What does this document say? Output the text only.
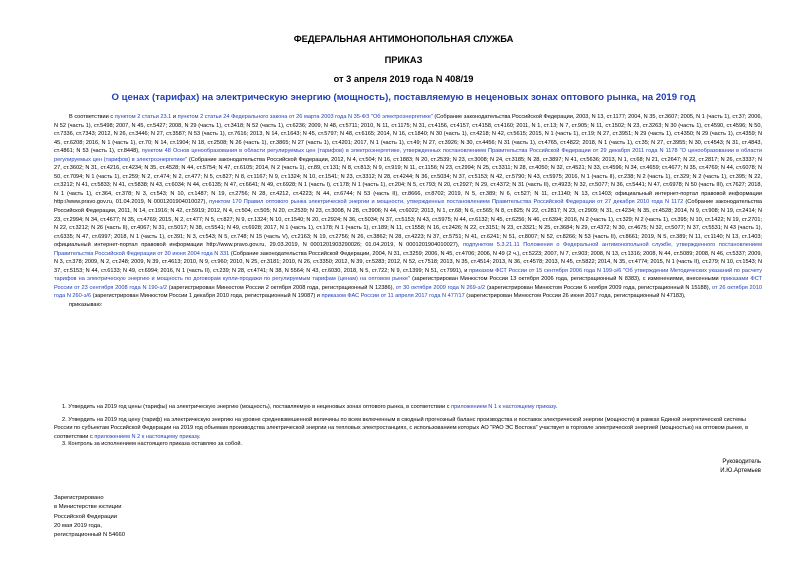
ФЕДЕРАЛЬНАЯ АНТИМОНОПОЛЬНАЯ СЛУЖБА
ПРИКАЗ
от 3 апреля 2019 года N 408/19
О ценах (тарифах) на электрическую энергию (мощность), поставляемую в неценовых зонах оптового рынка, на 2019 год

В соответствии с пунктом 2 статьи 23.1 и пунктом 2 статьи 24 Федерального закона от 26 марта 2003 года N 35-ФЗ "Об электроэнергетике" (Собрание законодательства Российской Федерации, 2003, N 13, ст.1177; 2004, N 35, ст.3607; 2005, N 1 (часть 1), ст.37; 2006, N 52 (часть 1), ст.5498; 2007, N 45, ст.5427; 2008, N 29 (часть 1), ст.3418; N 52 (часть 1), ст.6236; 2009, N 48, ст.5711; 2010, N 11, ст.1175; N 31, ст.4156, ст.4157, ст.4158, ст.4160; 2011, N 1, ст.13; N 7, ст.905; N 11, ст.1502; N 23, ст.3263; N 30 (часть 1), ст.4590, ст.4596; N 50, ст.7336, ст.7343; 2012, N 26, ст.3446; N 27, ст.3587; N 53 (часть 1), ст.7616; 2013, N 14, ст.1643; N 45, ст.5797; N 48, ст.6165; 2014, N 16, ст.1840; N 30 (часть 1), ст.4218; N 42, ст.5615; 2015, N 1 (часть 1), ст.19; N 27, ст.3951; N 29 (часть 1), ст.4350; N 29 (часть 1), ст.4359; N 45, ст.6208; 2016, N 1 (часть 1), ст.70; N 14, ст.1904; N 18, ст.2508; N 26 (часть 1), ст.3865; N 27 (часть 1), ст.4201; 2017, N 1 (часть 1), ст.49; N 27, ст.3926; N 30, ст.4456; N 31 (часть 1), ст.4765, ст.4822; 2018, N 1 (часть 1), ст.35; N 27, ст.3955; N 30, ст.4543; N 31, ст.4843, ст.4861; N 53 (часть 1), ст.8448), пунктом 48 Основ ценообразования в области регулируемых цен (тарифов) в электроэнергетике, утвержденных постановлением Правительства Российской Федерации от 29 декабря 2011 года N 1178 "О ценообразовании в области регулируемых цен (тарифов) в электроэнергетике" (Собрание законодательства Российской Федерации, 2012, N 4, ст.504; N 16, ст.1883; N 20, ст.2539; N 23, ст.3008; N 24, ст.3185; N 28, ст.3897; N 41, ст.5636; 2013, N 1, ст.68; N 21, ст.2647; N 22, ст.2817; N 26, ст.3337; N 27, ст.3602; N 31, ст.4216, ст.4234; N 35, ст.4528; N 44, ст.5754; N 47, ст.6105; 2014, N 2 (часть 1), ст.89, ст.131; N 8, ст.813; N 9, ст.919; N 11, ст.1156; N 23, ст.2994; N 25, ст.3311; N 28, ст.4050; N 32, ст.4521; N 33, ст.4596; N 34, ст.4659; ст.4677; N 35, ст.4769; N 44, ст.6078; N 50, ст.7094; N 1 (часть 1), ст.259; N 2, ст.474; N 2, ст.477; N 5, ст.827; N 8, ст.1167; N 9, ст.1324; N 10, ст.1541; N 23, ст.3312; N 28, ст.4244; N 36, ст.5034; N 37, ст.5153; N 42, ст.5790; N 43, ст.5975; 2016, N 1 (часть II), ст.238; N 2 (часть 1), ст.329; N 2 (часть 1), ст.395; N 22, ст.3212; N 41, ст.5833; N 41, ст.5838; N 43, ст.6034; N 44, ст.6135; N 47, ст.6641; N 49, ст.6928; N 1 (часть I), ст.178; N 1 (часть 1), ст.204; N 5, ст.793; N 20, ст.2927; N 29, ст.4372; N 31 (часть II), ст.4923; N 32, ст.5077; N 36, ст.5441; N 47, ст.6978; N 50 (часть III), ст.7627; 2018, N 1 (часть 1), ст.364, ст.378; N 3, ст.543; N 10, ст.1487; N 19, ст.2756; N 28, ст.4212, ст.4223; N 44, ст.6744; N 53 (часть II), ст.8666, ст.8702; 2019, N 5, ст.389; N 6, ст.527; N 11, ст.1140; N 13, ст.1403; официальный интернет-портал правовой информации http://www.pravo.gov.ru, 01.04.2019, N 0001201904010027), пунктом 170 Правил оптового рынка электрической энергии и мощности, утвержденных постановлением Правительства Российской Федерации от 27 декабря 2010 года N 1172 (Собрание законодательства Российской Федерации, 2011, N 14, ст.1916; N 42, ст.5919; 2012, N 4, ст.504, ст.505; N 20, ст.2539; N 23, ст.3008, N 28, ст.3906; N 44, ст.6022; 2013, N 1, ст.68; N 6, ст.565; N 8, ст.825; N 22, ст.2817; N 23, ст.2909; N 31, ст.4234; N 35, ст.4528; 2014, N 9, ст.908; N 19, ст.2414; N 23, ст.2994; N 34, ст.4677; N 35, ст.4769; 2015, N 2, ст.477; N 5, ст.827; N 9, ст.1324; N 10, ст.1540; N 20, ст.2924; N 36, ст.5034; N 37, ст.5153; N 43, ст.5975; N 44, ст.6132; N 45, ст.6256; N 46, ст.6394; 2016, N 2 (часть 1), ст.329; N 2 (часть 1), ст.395; N 10, ст.1422; N 19, ст.2701; N 22, ст.3212; N 26 (часть II), ст.4067; N 31, ст.5017; N 38, ст.5541; N 49, ст.6928; 2017, N 1 (часть 1), ст.178; N 1 (часть 1), ст.189; N 11, ст.1558; N 16, ст.2426; N 22, ст.3151; N 23, ст.3321; N 25, ст.3684; N 29, ст.4372; N 30, ст.4675; N 32, ст.5077; N 37, ст.5531; N 43 (часть 1), ст.6335; N 47, ст.6997; 2018, N 1 (часть 1), ст.391; N 3, ст.543; N 5, ст.748; N 15 (часть V), ст.2163; N 19, ст.2756; N 26, ст.3862; N 28, ст.4223; N 37, ст.5751; N 41, ст.6241; N 51, ст.8007; N 52, ст.8266; N 53 (часть II), ст.8661; 2019, N 5, ст.389; N 11, ст.1140; N 13, ст.1403; официальный интернет-портал правовой информации http://www.pravo.gov.ru, 29.03.2019, N 0001201903290026; 01.04.2019, N 0001201904010027), подпунктом 5.3.21.11 Положения о Федеральной антимонопольной службе, утвержденного постановлением Правительства Российской Федерации от 30 июня 2004 года N 331 (Собрание законодательства Российской Федерации, 2004, N 31, ст.3259; 2006, N 45, ст.4706; 2006, N 49 (2 ч.), ст.5223; 2007, N 7, ст.903; 2008, N 13, ст.1316; 2008, N 44, ст.5089; 2008, N 46, ст.5337; 2009, N 3, ст.378; 2009, N 2, ст.248; 2009, N 39, ст.4613; 2010, N 9, ст.960; 2010, N 25, ст.3181; 2010, N 26, ст.3350; 2012, N 39, ст.5283; 2012, N 52, ст.7518; 2013, N 35, ст.4514; 2013, N 36, ст.4578; 2013, N 45, ст.5822; 2014, N 35, ст.4774; 2015, N 1 (часть II), ст.279; N 10, ст.1543; N 37, ст.5153; N 44, ст.6133; N 49, ст.6994; 2016, N 1 (часть II), ст.239; N 28, ст.4741; N 38, N 5564; N 43, ст.6030, 2018, N 5, ст.722; N 9, ст.1399; N 51, ст.7991), и приказом ФСТ России от 15 сентября 2006 года N 199-э/6 "Об утверждении Методических указаний по расчету тарифов на электрическую энергию и мощность по договорам купли-продажи по регулируемым тарифам (ценам) на оптовом рынке" (зарегистрирован Минюстом России 13 октября 2006 года, регистрационный N 8383), с изменениями, внесенными приказами ФСТ России от 23 сентября 2008 года N 190-э/2 (зарегистрирован Минюстом России 2 октября 2008 года, регистрационный N 12386), от 30 октября 2009 года N 269-э/2 (зарегистрирован Минюстом России 6 ноября 2009 года, регистрационный N 15188), от 26 октября 2010 года N 260-э/6 (зарегистрирован Минюстом России 1 декабря 2010 года, регистрационный N 19087) и приказом ФАС России от 11 апреля 2017 года N 477/17 (зарегистрирован Минюстом России 26 июня 2017 года, регистрационный N 47183),

приказываю:

1. Утвердить на 2019 год цены (тарифы) на электрическую энергию (мощность), поставляемую в неценовых зонах оптового рынка, в соответствии с приложением N 1 к настоящему приказу.

2. Утвердить на 2019 год цену (тариф) на электрическую энергию на уровне средневзвешенной величины по всем включенным в сводный прогнозный баланс производства и поставок электрической энергии (мощности) в рамках Единой энергетической системы России по субъектам Российской Федерации на 2019 год объемам производства электрической энергии на тепловых электростанциях, с использованием которых АО "РАО ЭС Востока" участвует в торговле электрической энергией (мощностью) на оптовом рынке, в соответствии с приложением N 2 к настоящему приказу.

3. Контроль за исполнением настоящего приказа оставляю за собой.

Руководитель
И.Ю.Артемьев
Зарегистрировано
в Министерстве юстиции
Российской Федерации
20 мая 2019 года,
регистрационный N 54660
